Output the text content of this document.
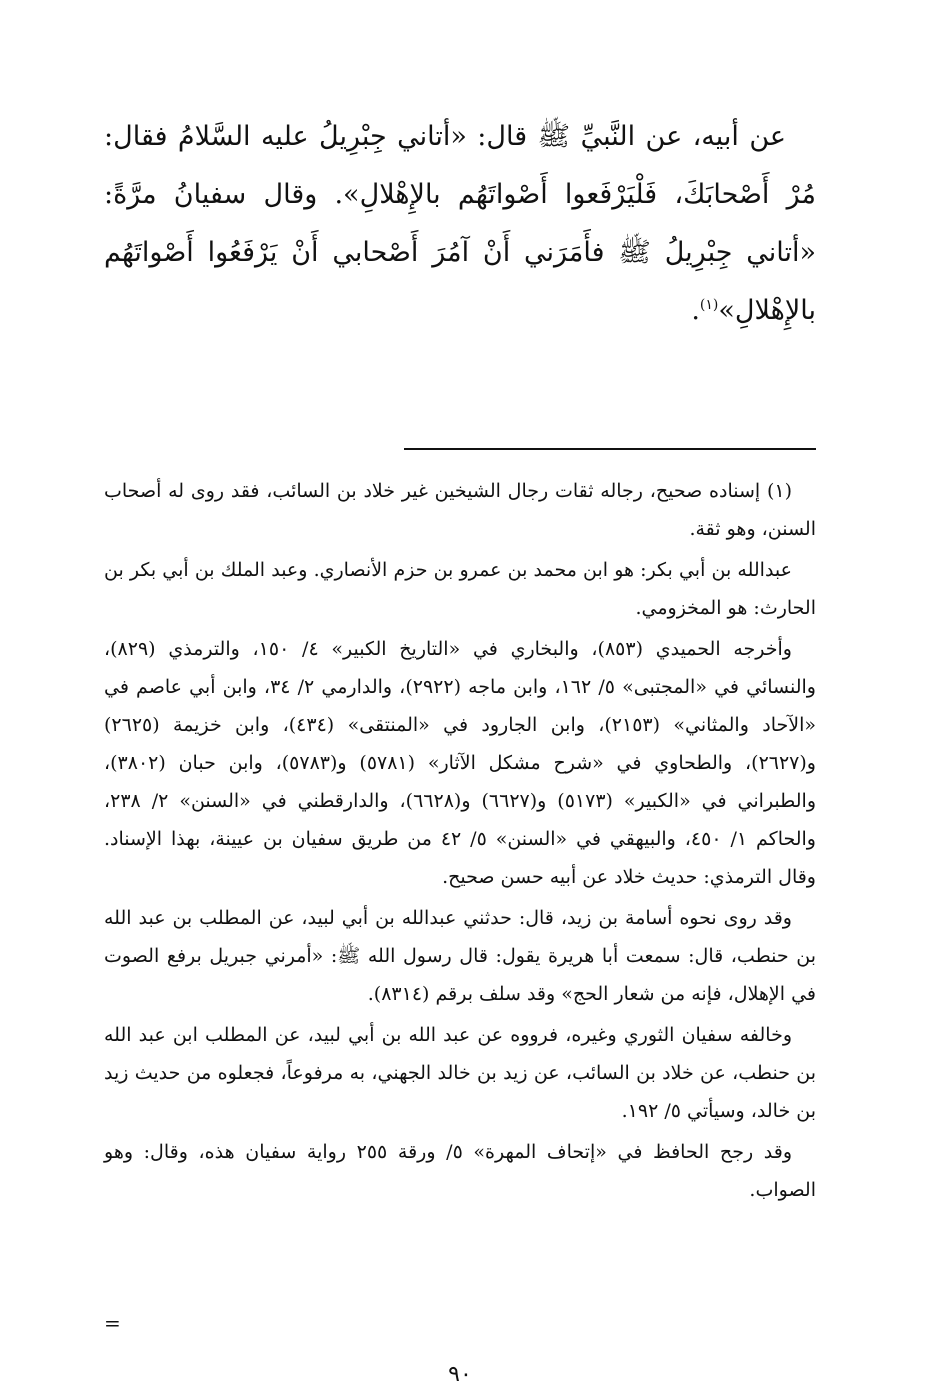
عن أبيه، عن النَّبيِّ ﷺ قال: «أتاني جِبْرِيلُ عليه السَّلامُ فقال: مُرْ أَصْحابَكَ، فَلْيَرْفَعوا أَصْواتَهُم بالإِهْلالِ». وقال سفيانُ مرَّةً: «أتاني جِبْرِيلُ ﷺ فأَمَرَني أَنْ آمُرَ أَصْحابي أَنْ يَرْفَعُوا أَصْواتَهُم بالإِهْلالِ»$^{(١)}$.

(١) إسناده صحيح، رجاله ثقات رجال الشيخين غير خلاد بن السائب، فقد روى له أصحاب السنن، وهو ثقة.

عبدالله بن أبي بكر: هو ابن محمد بن عمرو بن حزم الأنصاري. وعبد الملك بن أبي بكر بن الحارث: هو المخزومي.

وأخرجه الحميدي (٨٥٣)، والبخاري في «التاريخ الكبير» ٤/ ١٥٠، والترمذي (٨٢٩)، والنسائي في «المجتبى» ٥/ ١٦٢، وابن ماجه (٢٩٢٢)، والدارمي ٢/ ٣٤، وابن أبي عاصم في «الآحاد والمثاني» (٢١٥٣)، وابن الجارود في «المنتقى» (٤٣٤)، وابن خزيمة (٢٦٢٥) و(٢٦٢٧)، والطحاوي في «شرح مشكل الآثار» (٥٧٨١) و(٥٧٨٣)، وابن حبان (٣٨٠٢)، والطبراني في «الكبير» (٥١٧٣) و(٦٦٢٧) و(٦٦٢٨)، والدارقطني في «السنن» ٢/ ٢٣٨، والحاكم ١/ ٤٥٠، والبيهقي في «السنن» ٥/ ٤٢ من طريق سفيان بن عيينة، بهذا الإسناد. وقال الترمذي: حديث خلاد عن أبيه حسن صحيح.

وقد روى نحوه أسامة بن زيد، قال: حدثني عبدالله بن أبي لبيد، عن المطلب بن عبد الله بن حنطب، قال: سمعت أبا هريرة يقول: قال رسول الله ﷺ: «أمرني جبريل برفع الصوت في الإهلال، فإنه من شعار الحج» وقد سلف برقم (٨٣١٤).

وخالفه سفيان الثوري وغيره، فرووه عن عبد الله بن أبي لبيد، عن المطلب ابن عبد الله بن حنطب، عن خلاد بن السائب، عن زيد بن خالد الجهني، به مرفوعاً، فجعلوه من حديث زيد بن خالد، وسيأتي ٥/ ١٩٢.

وقد رجح الحافظ في «إتحاف المهرة» ٥/ ورقة ٢٥٥ رواية سفيان هذه، وقال: وهو الصواب.

=
٩٠
